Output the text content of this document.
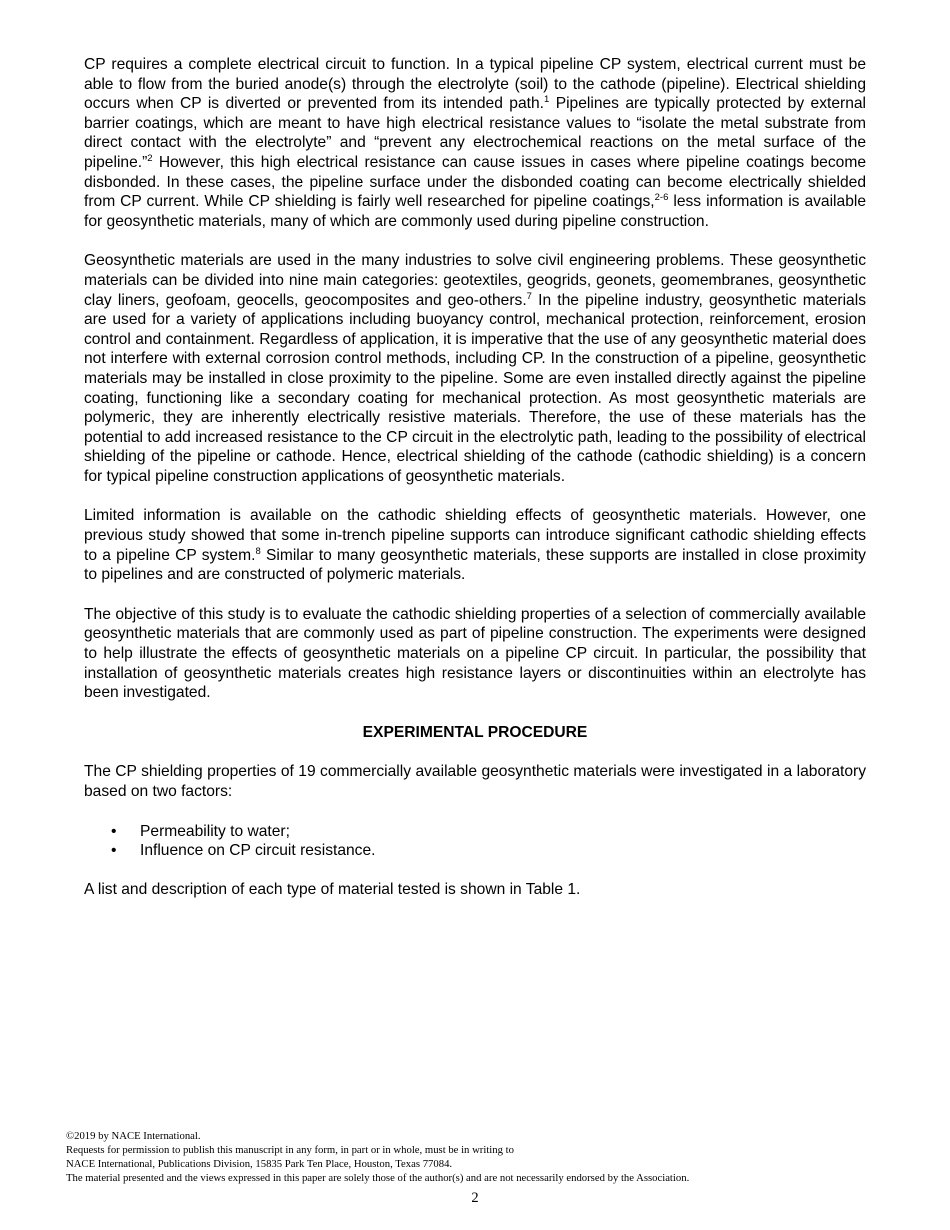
CP requires a complete electrical circuit to function. In a typical pipeline CP system, electrical current must be able to flow from the buried anode(s) through the electrolyte (soil) to the cathode (pipeline). Electrical shielding occurs when CP is diverted or prevented from its intended path.$^1$ Pipelines are typically protected by external barrier coatings, which are meant to have high electrical resistance values to “isolate the metal substrate from direct contact with the electrolyte” and “prevent any electrochemical reactions on the metal surface of the pipeline.”$^2$ However, this high electrical resistance can cause issues in cases where pipeline coatings become disbonded. In these cases, the pipeline surface under the disbonded coating can become electrically shielded from CP current. While CP shielding is fairly well researched for pipeline coatings,$^{2-6}$ less information is available for geosynthetic materials, many of which are commonly used during pipeline construction.

Geosynthetic materials are used in the many industries to solve civil engineering problems. These geosynthetic materials can be divided into nine main categories: geotextiles, geogrids, geonets, geomembranes, geosynthetic clay liners, geofoam, geocells, geocomposites and geo-others.$^7$ In the pipeline industry, geosynthetic materials are used for a variety of applications including buoyancy control, mechanical protection, reinforcement, erosion control and containment. Regardless of application, it is imperative that the use of any geosynthetic material does not interfere with external corrosion control methods, including CP. In the construction of a pipeline, geosynthetic materials may be installed in close proximity to the pipeline. Some are even installed directly against the pipeline coating, functioning like a secondary coating for mechanical protection. As most geosynthetic materials are polymeric, they are inherently electrically resistive materials. Therefore, the use of these materials has the potential to add increased resistance to the CP circuit in the electrolytic path, leading to the possibility of electrical shielding of the pipeline or cathode. Hence, electrical shielding of the cathode (cathodic shielding) is a concern for typical pipeline construction applications of geosynthetic materials.

Limited information is available on the cathodic shielding effects of geosynthetic materials. However, one previous study showed that some in-trench pipeline supports can introduce significant cathodic shielding effects to a pipeline CP system.$^8$ Similar to many geosynthetic materials, these supports are installed in close proximity to pipelines and are constructed of polymeric materials.

The objective of this study is to evaluate the cathodic shielding properties of a selection of commercially available geosynthetic materials that are commonly used as part of pipeline construction. The experiments were designed to help illustrate the effects of geosynthetic materials on a pipeline CP circuit. In particular, the possibility that installation of geosynthetic materials creates high resistance layers or discontinuities within an electrolyte has been investigated.

EXPERIMENTAL PROCEDURE

The CP shielding properties of 19 commercially available geosynthetic materials were investigated in a laboratory based on two factors:

• Permeability to water;
• Influence on CP circuit resistance.

A list and description of each type of material tested is shown in Table 1.

©2019 by NACE International.
Requests for permission to publish this manuscript in any form, in part or in whole, must be in writing to
NACE International, Publications Division, 15835 Park Ten Place, Houston, Texas 77084.
The material presented and the views expressed in this paper are solely those of the author(s) and are not necessarily endorsed by the Association.
2
